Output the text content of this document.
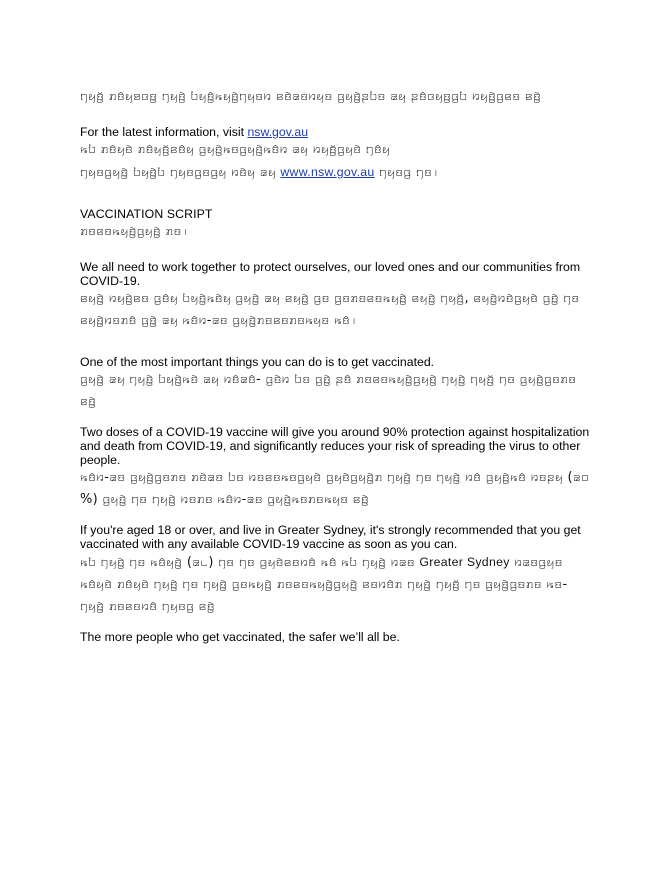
ꤚꤟꤢꤩ꤬ ꤊꤢꤨꤟꤤꤍꤢ꤭ ꤚꤟꤢꤧ꤬ ꤝꤟꤢꤨ꤭ꤒꤟꤢꤧ꤭ꤚꤟꤢꤙ ꤕꤢꤧꤘꤢꤦꤙꤟꤢ ꤞꤟꤢꤧ꤭ꤔꤝꤢ ꤘꤟ ꤔꤢꤨꤍꤟꤢ꤭ꤞꤝ ꤙꤟꤢꤧ꤭ꤞꤕꤢ ꤕꤢꤧ꤭
For the latest information, visit nsw.gov.au
ꤒꤝ ꤊꤢꤨꤟꤢꤧ ꤊꤢꤨꤟꤢꤩ꤬ꤕꤢꤨꤟ ꤞꤟꤢꤧ꤭ꤒꤢꤞꤟꤢꤧ꤭ꤒꤢꤨꤙ ꤘꤟ ꤙꤟꤢꤩ꤬ꤞꤟꤢꤧ ꤚꤢꤨꤟ
ꤚꤟꤢꤞꤟꤢꤧ꤭ ꤝꤟꤢꤧ꤭ꤝ ꤚꤟꤢꤞꤢꤞꤟ ꤙꤢꤧꤟ ꤘꤟ www.nsw.gov.au ꤚꤟꤢꤞ ꤚꤢ꤯
VACCINATION SCRIPT
ꤊꤢꤕꤢꤒꤟꤢꤧ꤭ꤞꤟꤢꤧ꤭ ꤊꤢ꤯
We all need to work together to protect ourselves, our loved ones and our communities from COVID-19.
ꤕꤟꤢꤧ꤭ ꤙꤟꤢꤧ꤭ꤕꤢ ꤞꤢꤨꤟ ꤝꤟꤢꤧ꤭ꤒꤢꤧꤟ ꤞꤟꤢꤧ꤭ ꤘꤟ ꤕꤟꤢꤧ꤭ ꤞꤢ ꤞꤢꤊꤢꤕꤢꤒꤟꤢꤧ꤭ ꤕꤟꤢꤧ꤭ ꤚꤟꤢꤩ꤬, ꤕꤟꤢꤧ꤭ꤙꤢꤧꤞꤟꤢꤧ ꤞꤢꤧ꤭ ꤚꤢ ꤕꤟꤢꤧ꤭ꤙꤢꤊꤢꤨ ꤞꤢꤧ꤭ ꤘꤟ ꤒꤢꤨꤙ-ꤘꤢ ꤞꤟꤢꤧ꤭ꤊꤢꤕꤢꤊꤢꤒꤟꤢ ꤒꤢꤨ꤯
One of the most important things you can do is to get vaccinated.
ꤞꤟꤢꤧ꤭ ꤘꤟ ꤚꤟꤢꤧ꤭ ꤝꤟꤢꤧ꤭ꤒꤢꤧ ꤘꤟ ꤙꤢꤨꤘꤢꤨ- ꤞꤢꤧꤙ ꤝꤢ ꤞꤢꤧ꤭ ꤔꤢꤨ ꤊꤢꤕꤢꤒꤟꤢꤧ꤭ꤞꤟꤢꤧ꤭ ꤚꤟꤢꤧ꤭ ꤚꤟꤢꤩ꤬ ꤚꤢ ꤞꤟꤢꤧ꤭ꤞꤢꤊꤢ ꤕꤢꤧ꤭
Two doses of a COVID-19 vaccine will give you around 90% protection against hospitalization and death from COVID-19, and significantly reduces your risk of spreading the virus to other people.
ꤒꤢꤨꤙ-ꤘꤢ ꤞꤟꤢꤧ꤭ꤞꤢꤊꤢ ꤊꤢꤧꤘꤢ ꤝꤢ ꤙꤢꤕꤢꤒꤢꤞꤟꤢꤧ ꤞꤟꤢꤧꤞꤟꤢꤧ꤭ꤊ ꤚꤟꤢꤧ꤭ ꤚꤢ ꤚꤟꤢꤧ꤭ ꤙꤢꤨ ꤞꤟꤢꤧ꤭ꤒꤢꤨ ꤙꤢꤔꤟ (꤁꤀ %) ꤞꤟꤢꤧ꤭ ꤚꤢ ꤚꤟꤢꤧ꤭ ꤙꤢꤊꤢ ꤒꤢꤨꤙ-ꤘꤢ ꤞꤟꤢꤧ꤭ꤒꤢꤊꤢꤒꤟꤢ ꤕꤢꤧ꤭
If you're aged 18 or over, and live in Greater Sydney, it's strongly recommended that you get vaccinated with any available COVID-19 vaccine as soon as you can.
ꤒꤝ ꤚꤟꤢꤧ꤭ ꤚꤢ ꤒꤢꤨꤟꤢꤧ꤭ (꤁꤈) ꤚꤢ ꤚꤢ ꤞꤟꤢꤧꤕꤢꤙꤢꤨ ꤒꤢꤨ ꤒꤝ ꤚꤟꤢꤧ꤭ ꤙꤘꤢ Greater Sydney ꤙꤘꤢꤞꤟꤢ ꤒꤢꤨꤟꤢꤧ ꤊꤢꤨꤟꤢꤧ ꤚꤟꤢꤧ꤭ ꤚꤢ ꤚꤟꤢꤧ꤭ ꤞꤢꤒꤟꤢꤧ꤭ ꤊꤢꤕꤢꤒꤟꤢꤧ꤭ꤞꤟꤢꤧ꤭ ꤕꤢꤙꤢꤨꤊ ꤚꤟꤢꤧ꤭ ꤚꤟꤢꤩ꤬ ꤚꤢ ꤞꤟꤢꤧ꤭ꤞꤢꤊꤢ ꤒꤢ- ꤚꤟꤢꤧ꤭ ꤊꤢꤕꤢꤙꤢꤨ ꤚꤟꤢꤞ ꤕꤢꤧ꤭
The more people who get vaccinated, the safer we’ll all be.
